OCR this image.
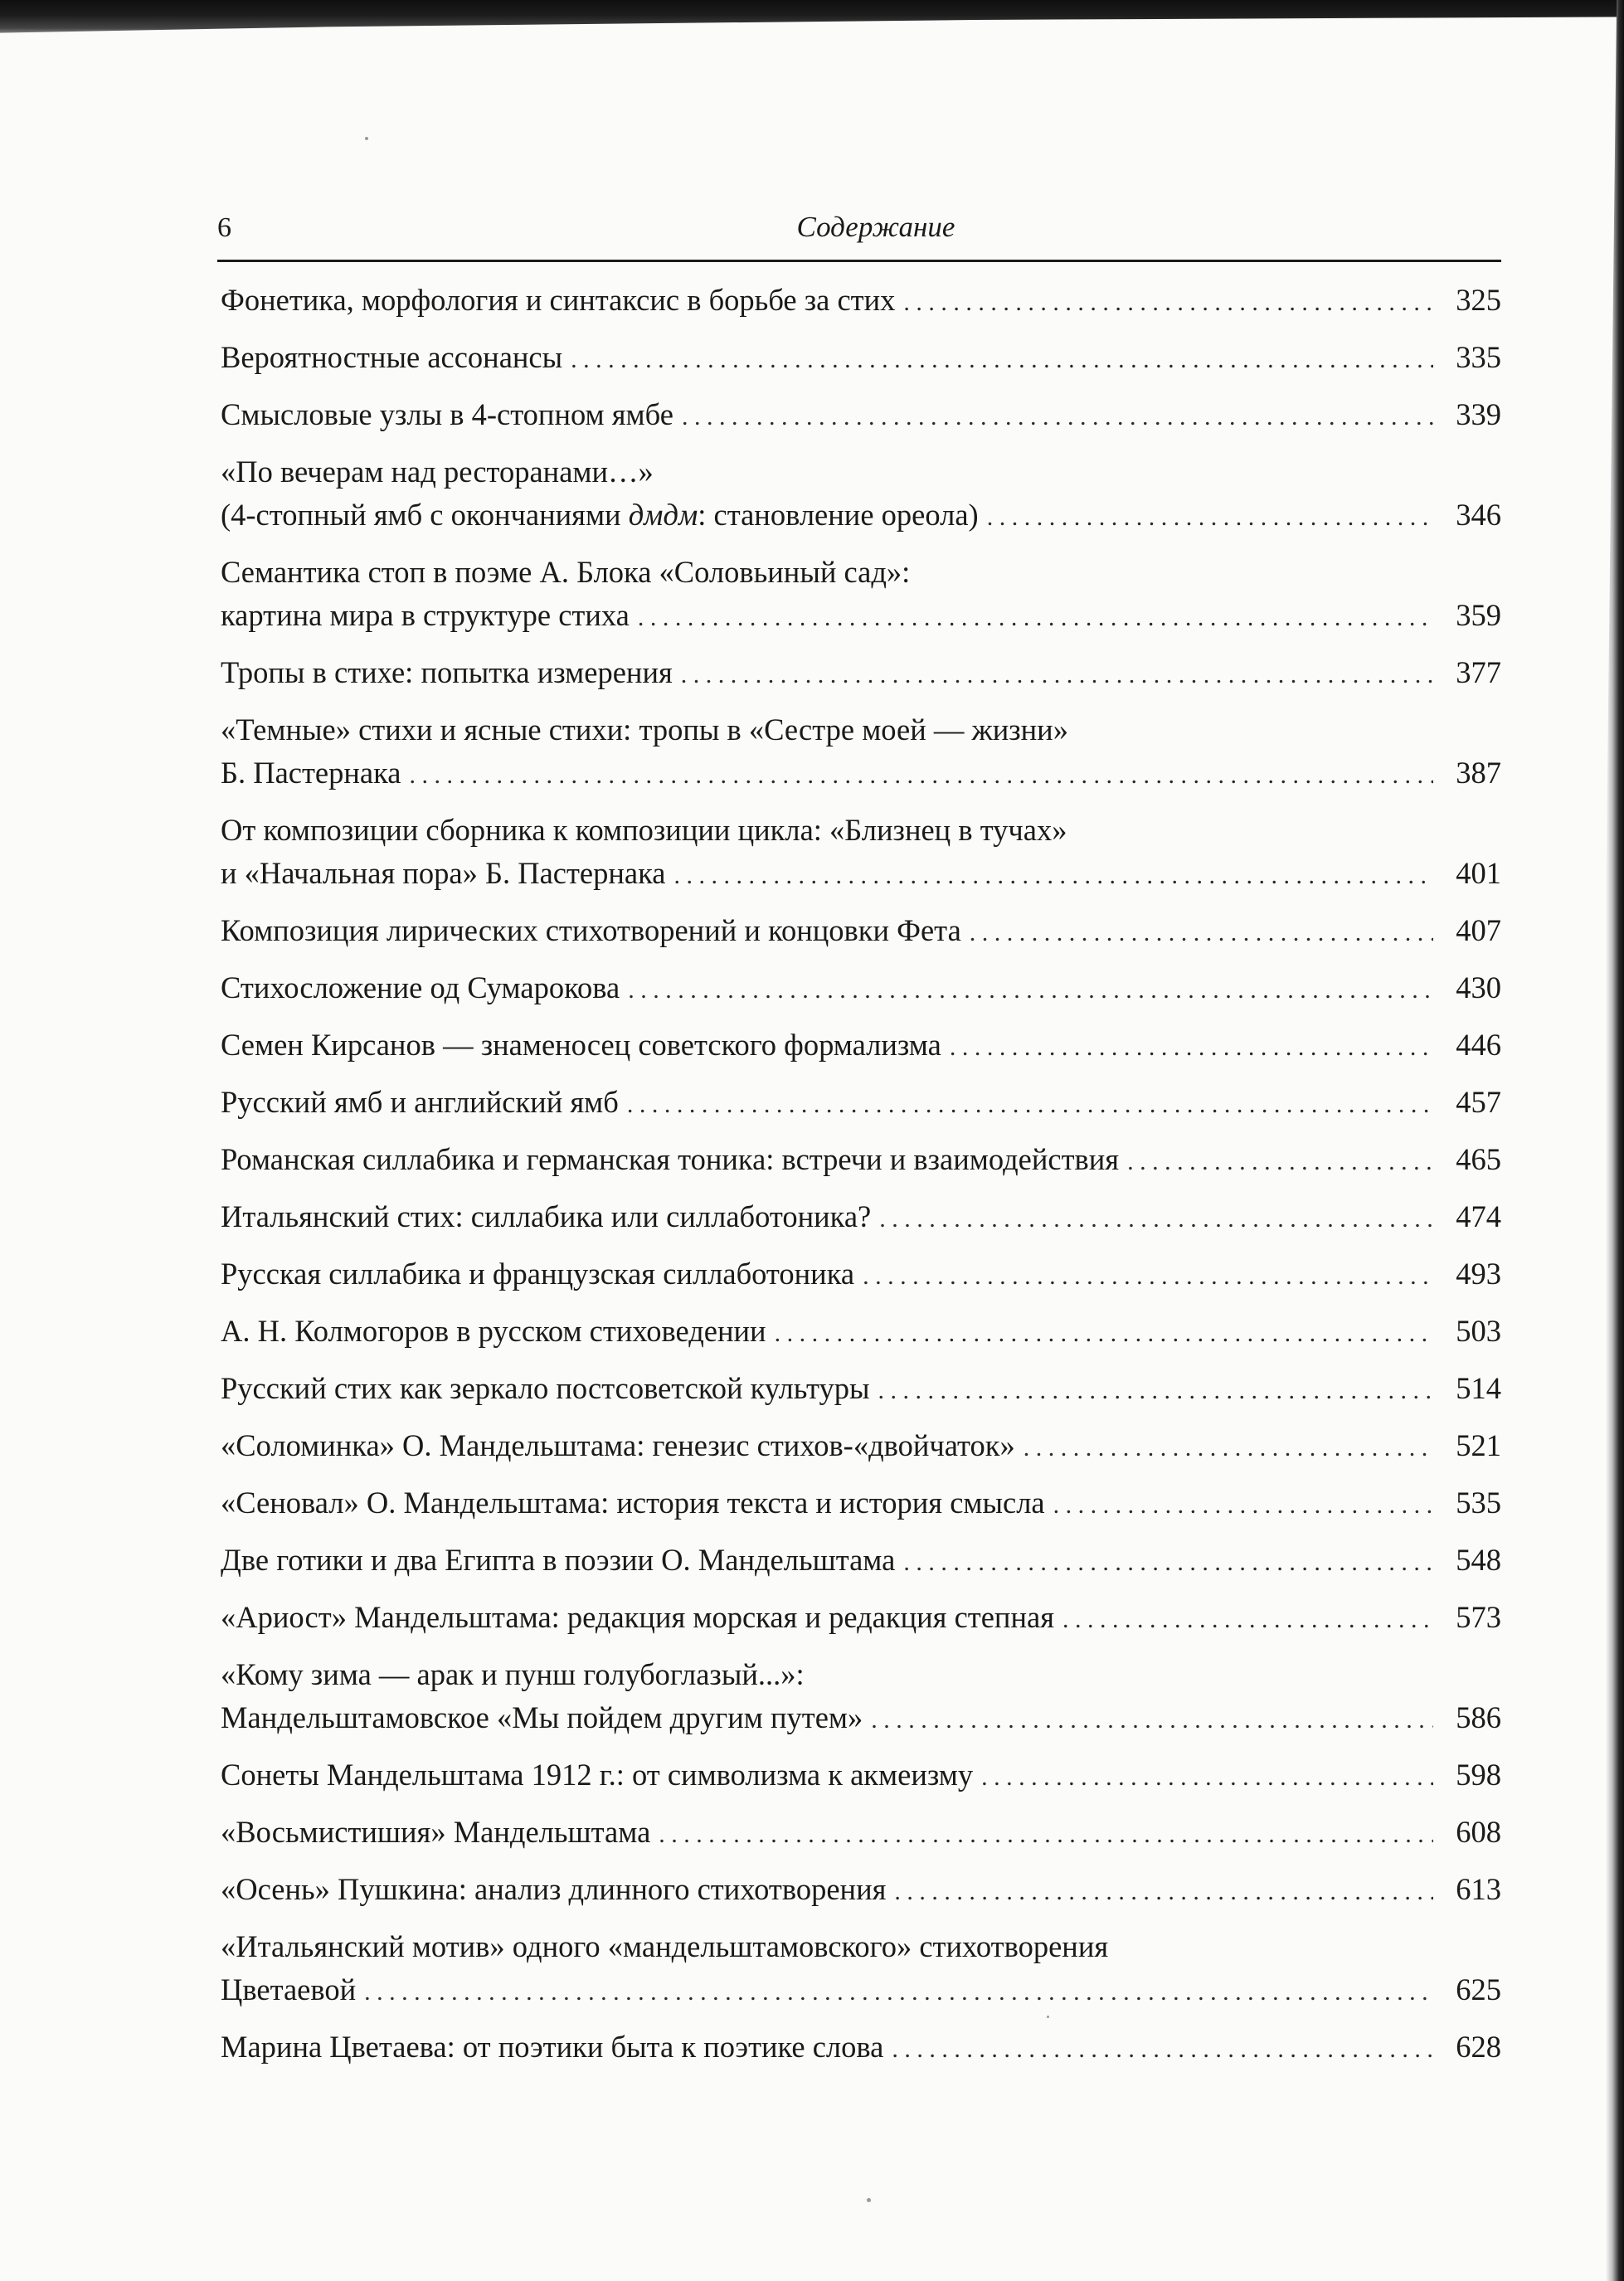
6	Содержание
Фонетика, морфология и синтаксис в борьбе за стих . . .	325
Вероятностные ассонансы . . .	335
Смысловые узлы в 4-стопном ямбе . . .	339
«По вечерам над ресторанами…»
(4-стопный ямб с окончаниями дмдм: становление ореола) . . .	346
Семантика стоп в поэме А. Блока «Соловьиный сад»:
картина мира в структуре стиха . . .	359
Тропы в стихе: попытка измерения . . .	377
«Темные» стихи и ясные стихи: тропы в «Сестре моей — жизни»
Б. Пастернака . . .	387
От композиции сборника к композиции цикла: «Близнец в тучах»
и «Начальная пора» Б. Пастернака . . .	401
Композиция лирических стихотворений и концовки Фета . . .	407
Стихосложение од Сумарокова . . .	430
Семен Кирсанов — знаменосец советского формализма . . .	446
Русский ямб и английский ямб . . .	457
Романская силлабика и германская тоника: встречи и взаимодействия . . .	465
Итальянский стих: силлабика или силлаботоника? . . .	474
Русская силлабика и французская силлаботоника . . .	493
А. Н. Колмогоров в русском стиховедении . . .	503
Русский стих как зеркало постсоветской культуры . . .	514
«Соломинка» О. Мандельштама: генезис стихов-«двойчаток» . . .	521
«Сеновал» О. Мандельштама: история текста и история смысла . . .	535
Две готики и два Египта в поэзии О. Мандельштама . . .	548
«Ариост» Мандельштама: редакция морская и редакция степная . . .	573
«Кому зима — арак и пунш голубоглазый...»:
Мандельштамовское «Мы пойдем другим путем» . . .	586
Сонеты Мандельштама 1912 г.: от символизма к акмеизму . . .	598
«Восьмистишия» Мандельштама . . .	608
«Осень» Пушкина: анализ длинного стихотворения . . .	613
«Итальянский мотив» одного «мандельштамовского» стихотворения
Цветаевой . . .	625
Марина Цветаева: от поэтики быта к поэтике слова . . .	628
